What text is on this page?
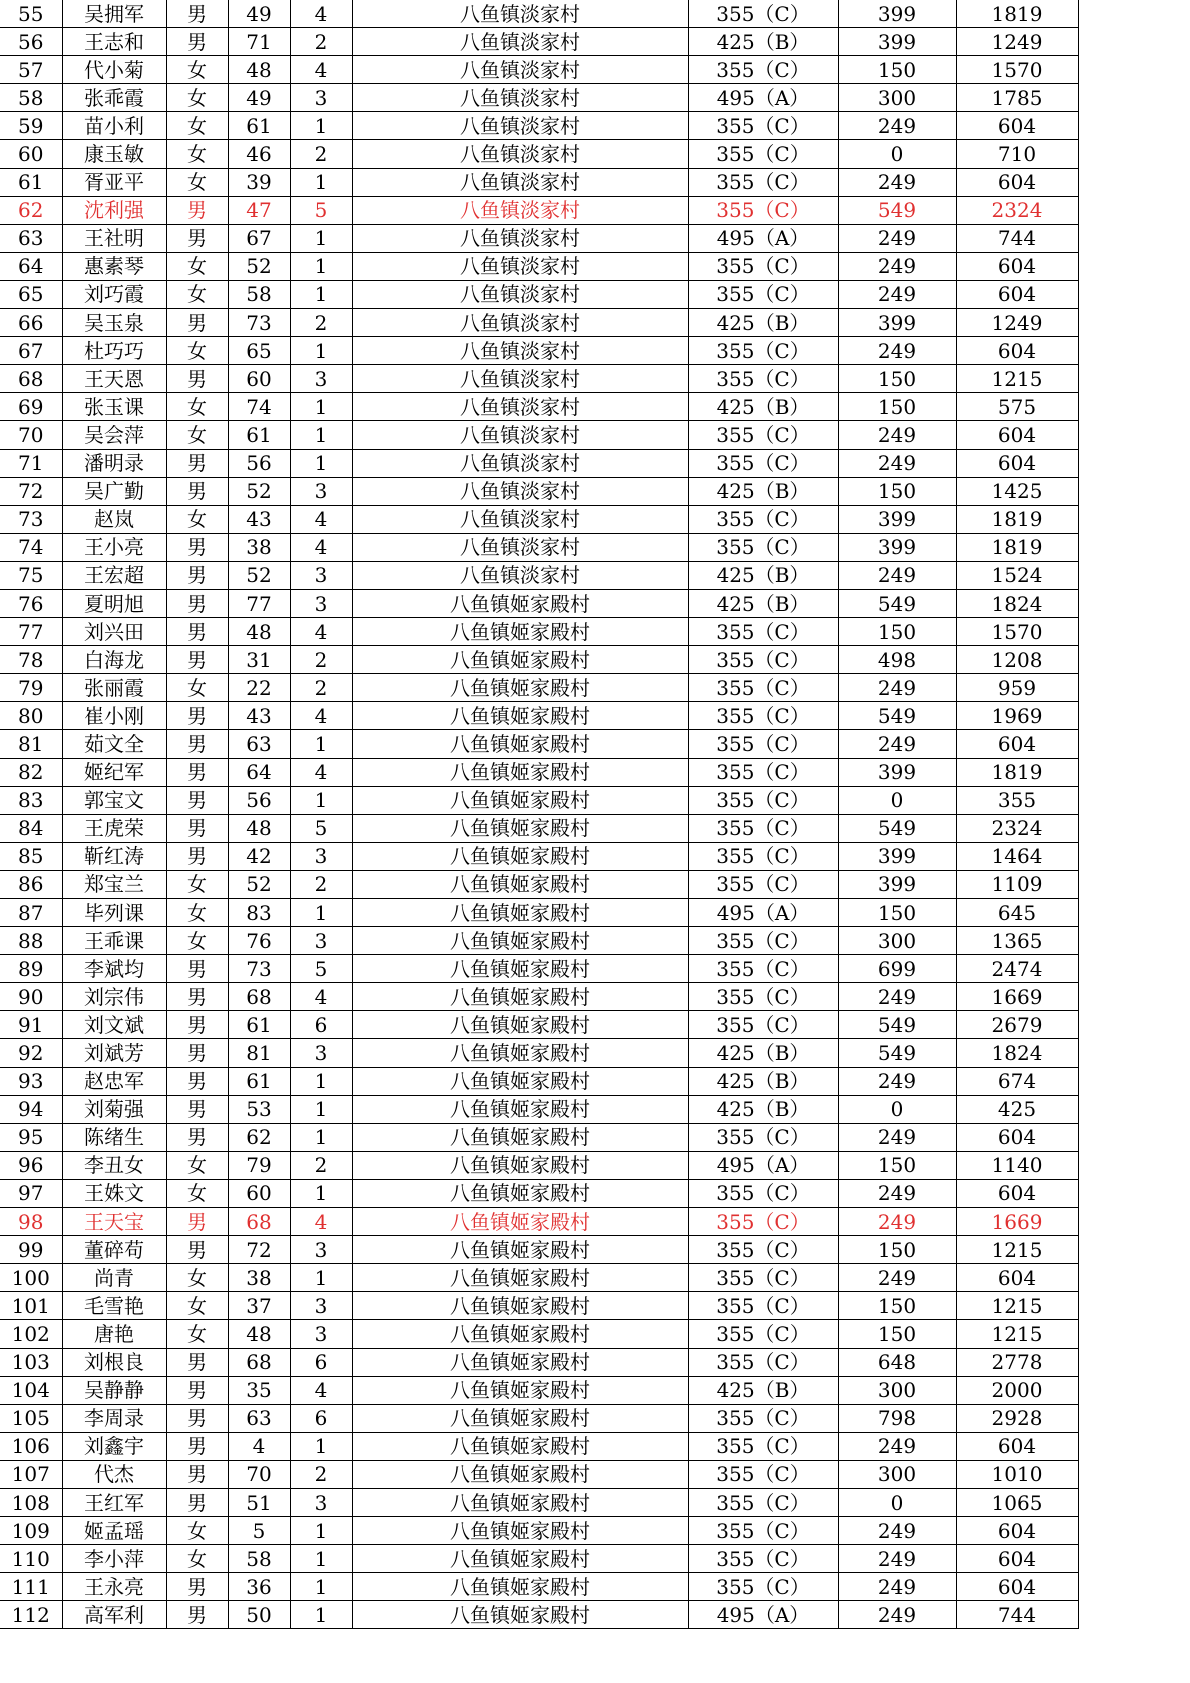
55	吴拥军	男	49	4	八鱼镇淡家村	355（C）	399	1819
56	王志和	男	71	2	八鱼镇淡家村	425（B）	399	1249
57	代小菊	女	48	4	八鱼镇淡家村	355（C）	150	1570
58	张乖霞	女	49	3	八鱼镇淡家村	495（A）	300	1785
59	苗小利	女	61	1	八鱼镇淡家村	355（C）	249	604
60	康玉敏	女	46	2	八鱼镇淡家村	355（C）	0	710
61	胥亚平	女	39	1	八鱼镇淡家村	355（C）	249	604
62	沈利强	男	47	5	八鱼镇淡家村	355（C）	549	2324
63	王社明	男	67	1	八鱼镇淡家村	495（A）	249	744
64	惠素琴	女	52	1	八鱼镇淡家村	355（C）	249	604
65	刘巧霞	女	58	1	八鱼镇淡家村	355（C）	249	604
66	吴玉泉	男	73	2	八鱼镇淡家村	425（B）	399	1249
67	杜巧巧	女	65	1	八鱼镇淡家村	355（C）	249	604
68	王天恩	男	60	3	八鱼镇淡家村	355（C）	150	1215
69	张玉课	女	74	1	八鱼镇淡家村	425（B）	150	575
70	吴会萍	女	61	1	八鱼镇淡家村	355（C）	249	604
71	潘明录	男	56	1	八鱼镇淡家村	355（C）	249	604
72	吴广勤	男	52	3	八鱼镇淡家村	425（B）	150	1425
73	赵岚	女	43	4	八鱼镇淡家村	355（C）	399	1819
74	王小亮	男	38	4	八鱼镇淡家村	355（C）	399	1819
75	王宏超	男	52	3	八鱼镇淡家村	425（B）	249	1524
76	夏明旭	男	77	3	八鱼镇姬家殿村	425（B）	549	1824
77	刘兴田	男	48	4	八鱼镇姬家殿村	355（C）	150	1570
78	白海龙	男	31	2	八鱼镇姬家殿村	355（C）	498	1208
79	张丽霞	女	22	2	八鱼镇姬家殿村	355（C）	249	959
80	崔小刚	男	43	4	八鱼镇姬家殿村	355（C）	549	1969
81	茹文全	男	63	1	八鱼镇姬家殿村	355（C）	249	604
82	姬纪军	男	64	4	八鱼镇姬家殿村	355（C）	399	1819
83	郭宝文	男	56	1	八鱼镇姬家殿村	355（C）	0	355
84	王虎荣	男	48	5	八鱼镇姬家殿村	355（C）	549	2324
85	靳红涛	男	42	3	八鱼镇姬家殿村	355（C）	399	1464
86	郑宝兰	女	52	2	八鱼镇姬家殿村	355（C）	399	1109
87	毕列课	女	83	1	八鱼镇姬家殿村	495（A）	150	645
88	王乖课	女	76	3	八鱼镇姬家殿村	355（C）	300	1365
89	李斌均	男	73	5	八鱼镇姬家殿村	355（C）	699	2474
90	刘宗伟	男	68	4	八鱼镇姬家殿村	355（C）	249	1669
91	刘文斌	男	61	6	八鱼镇姬家殿村	355（C）	549	2679
92	刘斌芳	男	81	3	八鱼镇姬家殿村	425（B）	549	1824
93	赵忠军	男	61	1	八鱼镇姬家殿村	425（B）	249	674
94	刘菊强	男	53	1	八鱼镇姬家殿村	425（B）	0	425
95	陈绪生	男	62	1	八鱼镇姬家殿村	355（C）	249	604
96	李丑女	女	79	2	八鱼镇姬家殿村	495（A）	150	1140
97	王姝文	女	60	1	八鱼镇姬家殿村	355（C）	249	604
98	王天宝	男	68	4	八鱼镇姬家殿村	355（C）	249	1669
99	董碎苟	男	72	3	八鱼镇姬家殿村	355（C）	150	1215
100	尚青	女	38	1	八鱼镇姬家殿村	355（C）	249	604
101	毛雪艳	女	37	3	八鱼镇姬家殿村	355（C）	150	1215
102	唐艳	女	48	3	八鱼镇姬家殿村	355（C）	150	1215
103	刘根良	男	68	6	八鱼镇姬家殿村	355（C）	648	2778
104	吴静静	男	35	4	八鱼镇姬家殿村	425（B）	300	2000
105	李周录	男	63	6	八鱼镇姬家殿村	355（C）	798	2928
106	刘鑫宇	男	4	1	八鱼镇姬家殿村	355（C）	249	604
107	代杰	男	70	2	八鱼镇姬家殿村	355（C）	300	1010
108	王红军	男	51	3	八鱼镇姬家殿村	355（C）	0	1065
109	姬孟瑶	女	5	1	八鱼镇姬家殿村	355（C）	249	604
110	李小萍	女	58	1	八鱼镇姬家殿村	355（C）	249	604
111	王永亮	男	36	1	八鱼镇姬家殿村	355（C）	249	604
112	高军利	男	50	1	八鱼镇姬家殿村	495（A）	249	744
